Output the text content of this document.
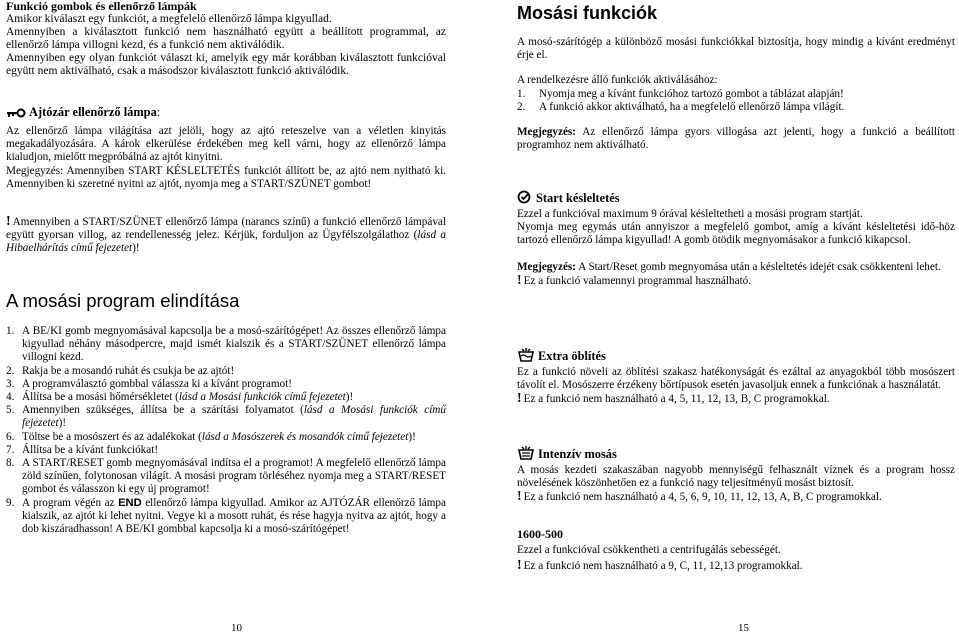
Funkció gombok és ellenőrző lámpák

Amikor kiválaszt egy funkciót, a megfelelő ellenőrző lámpa kigyullad.

Amennyiben a kiválasztott funkció nem használható együtt a beállított programmal, az ellenőrző lámpa villogni kezd, és a funkció nem aktiválódik.

Amennyiben egy olyan funkciót választ ki, amelyik egy már korábban kiválasztott funkcióval együtt nem aktiválható, csak a másodszor kiválasztott funkció aktiválódik.

Ajtózár ellenőrző lámpa:

Az ellenőrző lámpa világítása azt jelöli, hogy az ajtó reteszelve van a véletlen kinyitás megakadályozására. A károk elkerülése érdekében meg kell várni, hogy az ellenőrző lámpa kialudjon, mielőtt megpróbálná az ajtót kinyitni.

Megjegyzés: Amennyiben START KÉSLELTETÉS funkciót állított be, az ajtó nem nyitható ki. Amennyiben ki szeretné nyitni az ajtót, nyomja meg a START/SZÜNET gombot!

! Amennyiben a START/SZÜNET ellenőrző lámpa (narancs színű) a funkció ellenőrző lámpával együtt gyorsan villog, az rendellenesség jelez. Kérjük, forduljon az Ügyfélszolgálathoz (lásd a Hibaelhárítás című fejezetet)!

A mosási program elindítása

1. A BE/KI gomb megnyomásával kapcsolja be a mosó-szárítógépet! Az összes ellenőrző lámpa kigyullad néhány másodpercre, majd ismét kialszik és a START/SZÜNET ellenőrző lámpa villogni kezd.
2. Rakja be a mosandó ruhát és csukja be az ajtót!
3. A programválasztó gombbal válassza ki a kívánt programot!
4. Állítsa be a mosási hőmérsékletet (lásd a Mosási funkciók című fejezetet)!
5. Amennyiben szükséges, állítsa be a szárítási folyamatot (lásd a Mosási funkciók című fejezetet)!
6. Töltse be a mosószert és az adalékokat (lásd a Mosószerek és mosandók című fejezetet)!
7. Állítsa be a kívánt funkciókat!
8. A START/RESET gomb megnyomásával indítsa el a programot! A megfelelő ellenőrző lámpa zöld színűen, folytonosan világít. A mosási program törléséhez nyomja meg a START/RESET gombot és válasszon ki egy új programot!
9. A program végén az END ellenőrző lámpa kigyullad. Amikor az AJTÓZÁR ellenőrző lámpa kialszik, az ajtót ki lehet nyitni. Vegye ki a mosott ruhát, és rése hagyja nyitva az ajtót, hogy a dob kiszáradhasson! A BE/KI gombbal kapcsolja ki a mosó-szárítógépet!
10

Mosási funkciók

A mosó-szárítógép a különböző mosási funkciókkal biztosítja, hogy mindig a kívánt eredményt érje el.

A rendelkezésre álló funkciók aktiválásához:

1. Nyomja meg a kívánt funkcióhoz tartozó gombot a táblázat alapján!
2. A funkció akkor aktiválható, ha a megfelelő ellenőrző lámpa világít.

Megjegyzés: Az ellenőrző lámpa gyors villogása azt jelenti, hogy a funkció a beállított programhoz nem aktiválható.

Start késleltetés

Ezzel a funkcióval maximum 9 órával késleltetheti a mosási program startját.

Nyomja meg egymás után annyiszor a megfelelő gombot, amíg a kívánt késleltetési idő-höz tartozó ellenőrző lámpa kigyullad! A gomb ötödik megnyomásakor a funkció kikapcsol.

Megjegyzés: A Start/Reset gomb megnyomása után a késleltetés idejét csak csökkenteni lehet.

! Ez a funkció valamennyi programmal használható.

Extra öblítés

Ez a funkció növeli az öblítési szakasz hatékonyságát és ezáltal az anyagokból több mosószert távolít el. Mosószerre érzékeny bőrtípusok esetén javasoljuk ennek a funkciónak a használatát.

! Ez a funkció nem használható a 4, 5, 11, 12, 13, B, C programokkal.

Intenzív mosás

A mosás kezdeti szakaszában nagyobb mennyiségű felhasznált víznek és a program hossz növelésének köszönhetően ez a funkció nagy teljesítményű mosást biztosít.

! Ez a funkció nem használható a 4, 5, 6, 9, 10, 11, 12, 13, A, B, C programokkal.

1600-500

Ezzel a funkcióval csökkentheti a centrifugálás sebességét.

! Ez a funkció nem használható a 9, C, 11, 12,13 programokkal.

15
